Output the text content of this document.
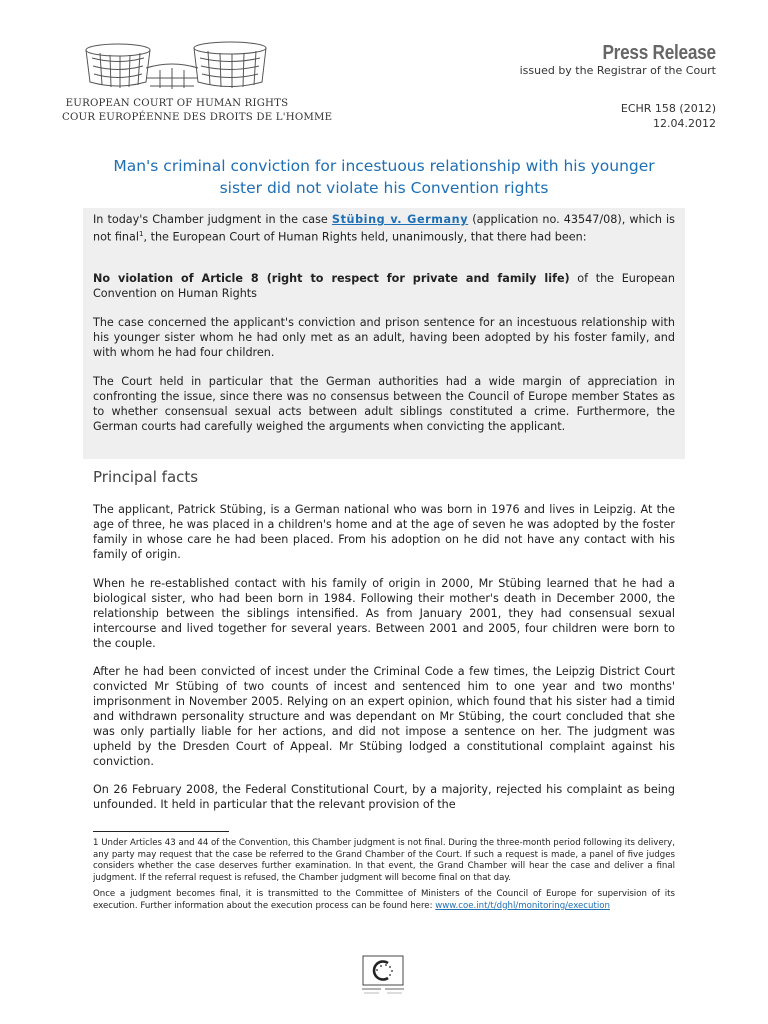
EUROPEAN COURT OF HUMAN RIGHTS
COUR EUROPÉENNE DES DROITS DE L'HOMME
Press Release
issued by the Registrar of the Court
ECHR 158 (2012)
12.04.2012
Man's criminal conviction for incestuous relationship with his younger sister did not violate his Convention rights
In today's Chamber judgment in the case Stübing v. Germany (application no. 43547/08), which is not final$^1$, the European Court of Human Rights held, unanimously, that there had been:
No violation of Article 8 (right to respect for private and family life) of the European Convention on Human Rights
The case concerned the applicant's conviction and prison sentence for an incestuous relationship with his younger sister whom he had only met as an adult, having been adopted by his foster family, and with whom he had four children.
The Court held in particular that the German authorities had a wide margin of appreciation in confronting the issue, since there was no consensus between the Council of Europe member States as to whether consensual sexual acts between adult siblings constituted a crime. Furthermore, the German courts had carefully weighed the arguments when convicting the applicant.
Principal facts
The applicant, Patrick Stübing, is a German national who was born in 1976 and lives in Leipzig. At the age of three, he was placed in a children's home and at the age of seven he was adopted by the foster family in whose care he had been placed. From his adoption on he did not have any contact with his family of origin.
When he re-established contact with his family of origin in 2000, Mr Stübing learned that he had a biological sister, who had been born in 1984. Following their mother's death in December 2000, the relationship between the siblings intensified. As from January 2001, they had consensual sexual intercourse and lived together for several years. Between 2001 and 2005, four children were born to the couple.
After he had been convicted of incest under the Criminal Code a few times, the Leipzig District Court convicted Mr Stübing of two counts of incest and sentenced him to one year and two months' imprisonment in November 2005. Relying on an expert opinion, which found that his sister had a timid and withdrawn personality structure and was dependant on Mr Stübing, the court concluded that she was only partially liable for her actions, and did not impose a sentence on her. The judgment was upheld by the Dresden Court of Appeal. Mr Stübing lodged a constitutional complaint against his conviction.
On 26 February 2008, the Federal Constitutional Court, by a majority, rejected his complaint as being unfounded. It held in particular that the relevant provision of the
1 Under Articles 43 and 44 of the Convention, this Chamber judgment is not final. During the three-month period following its delivery, any party may request that the case be referred to the Grand Chamber of the Court. If such a request is made, a panel of five judges considers whether the case deserves further examination. In that event, the Grand Chamber will hear the case and deliver a final judgment. If the referral request is refused, the Chamber judgment will become final on that day.
Once a judgment becomes final, it is transmitted to the Committee of Ministers of the Council of Europe for supervision of its execution. Further information about the execution process can be found here: www.coe.int/t/dghl/monitoring/execution
